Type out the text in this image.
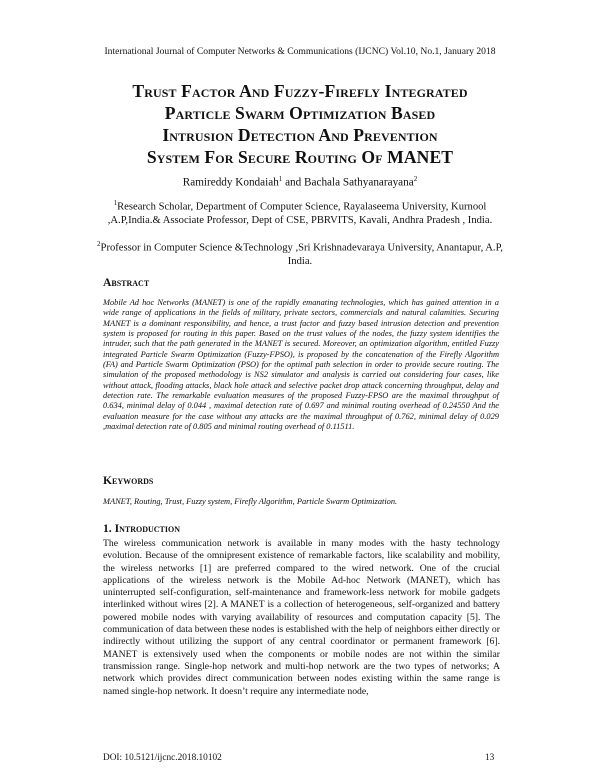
International Journal of Computer Networks & Communications (IJCNC) Vol.10, No.1, January 2018
Trust Factor And Fuzzy-Firefly Integrated
Particle Swarm Optimization Based
Intrusion Detection And Prevention
System For Secure Routing Of MANET
Ramireddy Kondaiah$^1$ and Bachala Sathyanarayana$^2$
$^1$Research Scholar, Department of Computer Science, Rayalaseema University, Kurnool ,A.P,India.& Associate Professor, Dept of CSE, PBRVITS, Kavali, Andhra Pradesh , India.
$^2$Professor in Computer Science &Technology ,Sri Krishnadevaraya University, Anantapur, A.P, India.
Abstract
Mobile Ad hoc Networks (MANET) is one of the rapidly emanating technologies, which has gained attention in a wide range of applications in the fields of military, private sectors, commercials and natural calamities. Securing MANET is a dominant responsibility, and hence, a trust factor and fuzzy based intrusion detection and prevention system is proposed for routing in this paper. Based on the trust values of the nodes, the fuzzy system identifies the intruder, such that the path generated in the MANET is secured. Moreover, an optimization algorithm, entitled Fuzzy integrated Particle Swarm Optimization (Fuzzy-FPSO), is proposed by the concatenation of the Firefly Algorithm (FA) and Particle Swarm Optimization (PSO) for the optimal path selection in order to provide secure routing. The simulation of the proposed methodology is NS2 simulator and analysis is carried out considering four cases, like without attack, flooding attacks, black hole attack and selective packet drop attack concerning throughput, delay and detection rate. The remarkable evaluation measures of the proposed Fuzzy-FPSO are the maximal throughput of 0.634, minimal delay of 0.044 , maximal detection rate of 0.697 and minimal routing overhead of 0.24550 And the evaluation measure for the case without any attacks are the maximal throughput of 0.762, minimal delay of 0.029 ,maximal detection rate of 0.805 and minimal routing overhead of 0.11511.
Keywords
MANET, Routing, Trust, Fuzzy system, Firefly Algorithm, Particle Swarm Optimization.
1. Introduction
The wireless communication network is available in many modes with the hasty technology evolution. Because of the omnipresent existence of remarkable factors, like scalability and mobility, the wireless networks [1] are preferred compared to the wired network. One of the crucial applications of the wireless network is the Mobile Ad-hoc Network (MANET), which has uninterrupted self-configuration, self-maintenance and framework-less network for mobile gadgets interlinked without wires [2]. A MANET is a collection of heterogeneous, self-organized and battery powered mobile nodes with varying availability of resources and computation capacity [5]. The communication of data between these nodes is established with the help of neighbors either directly or indirectly without utilizing the support of any central coordinator or permanent framework [6]. MANET is extensively used when the components or mobile nodes are not within the similar transmission range. Single-hop network and multi-hop network are the two types of networks; A network which provides direct communication between nodes existing within the same range is named single-hop network. It doesn’t require any intermediate node,
DOI: 10.5121/ijcnc.2018.10102	13
